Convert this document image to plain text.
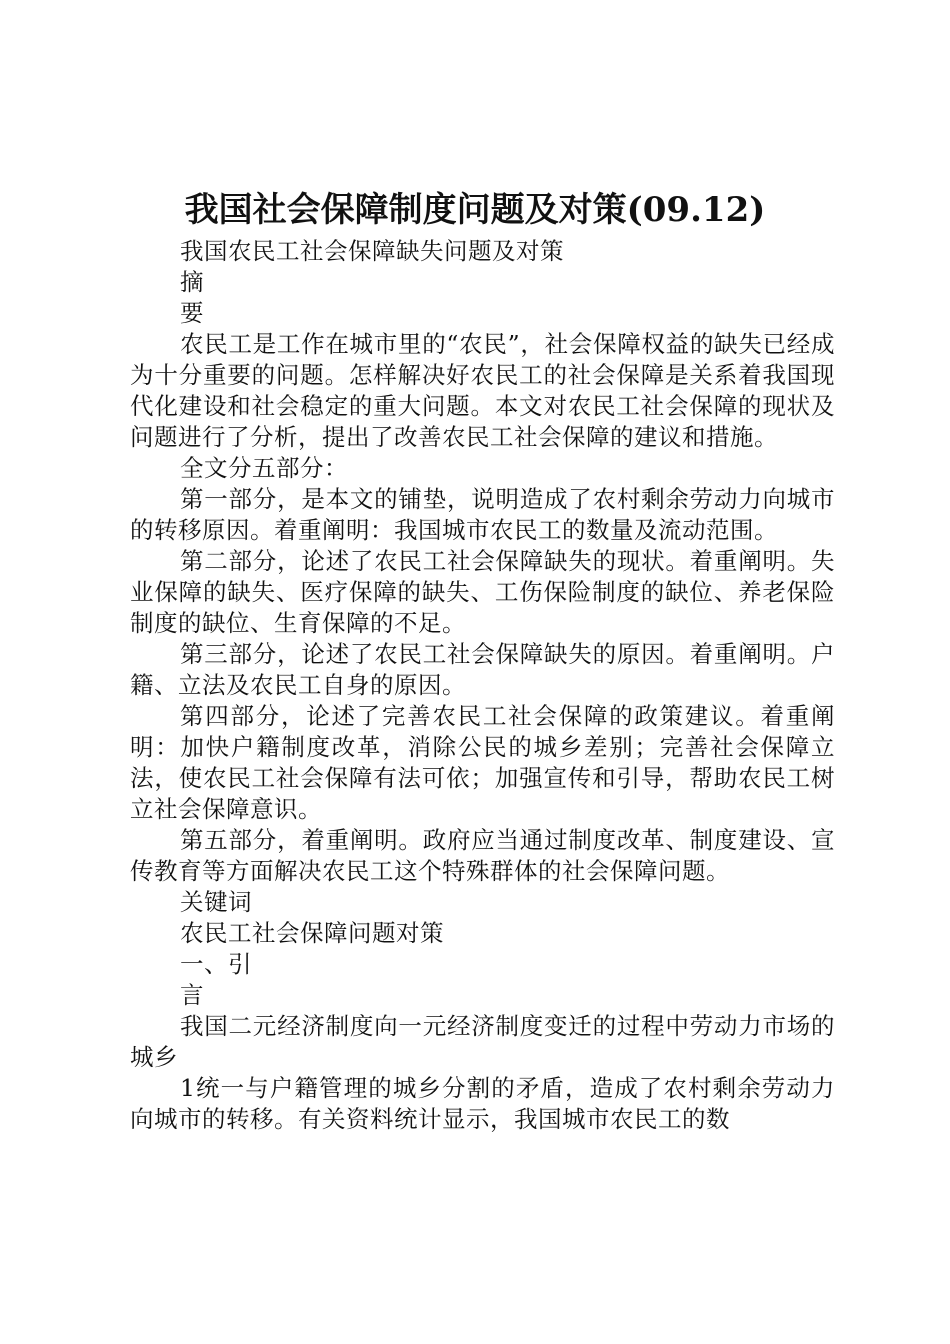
我国社会保障制度问题及对策(09.12)

我国农民工社会保障缺失问题及对策

摘

要

农民工是工作在城市里的“农民”，社会保障权益的缺失已经成为十分重要的问题。怎样解决好农民工的社会保障是关系着我国现代化建设和社会稳定的重大问题。本文对农民工社会保障的现状及问题进行了分析，提出了改善农民工社会保障的建议和措施。

全文分五部分：

第一部分，是本文的铺垫，说明造成了农村剩余劳动力向城市的转移原因。着重阐明：我国城市农民工的数量及流动范围。

第二部分，论述了农民工社会保障缺失的现状。着重阐明。失业保障的缺失、医疗保障的缺失、工伤保险制度的缺位、养老保险制度的缺位、生育保障的不足。

第三部分，论述了农民工社会保障缺失的原因。着重阐明。户籍、立法及农民工自身的原因。

第四部分，论述了完善农民工社会保障的政策建议。着重阐明：加快户籍制度改革，消除公民的城乡差别；完善社会保障立法，使农民工社会保障有法可依；加强宣传和引导，帮助农民工树立社会保障意识。

第五部分，着重阐明。政府应当通过制度改革、制度建设、宣传教育等方面解决农民工这个特殊群体的社会保障问题。

关键词

农民工社会保障问题对策

一、引

言

我国二元经济制度向一元经济制度变迁的过程中劳动力市场的城乡

1统一与户籍管理的城乡分割的矛盾，造成了农村剩余劳动力向城市的转移。有关资料统计显示，我国城市农民工的数
